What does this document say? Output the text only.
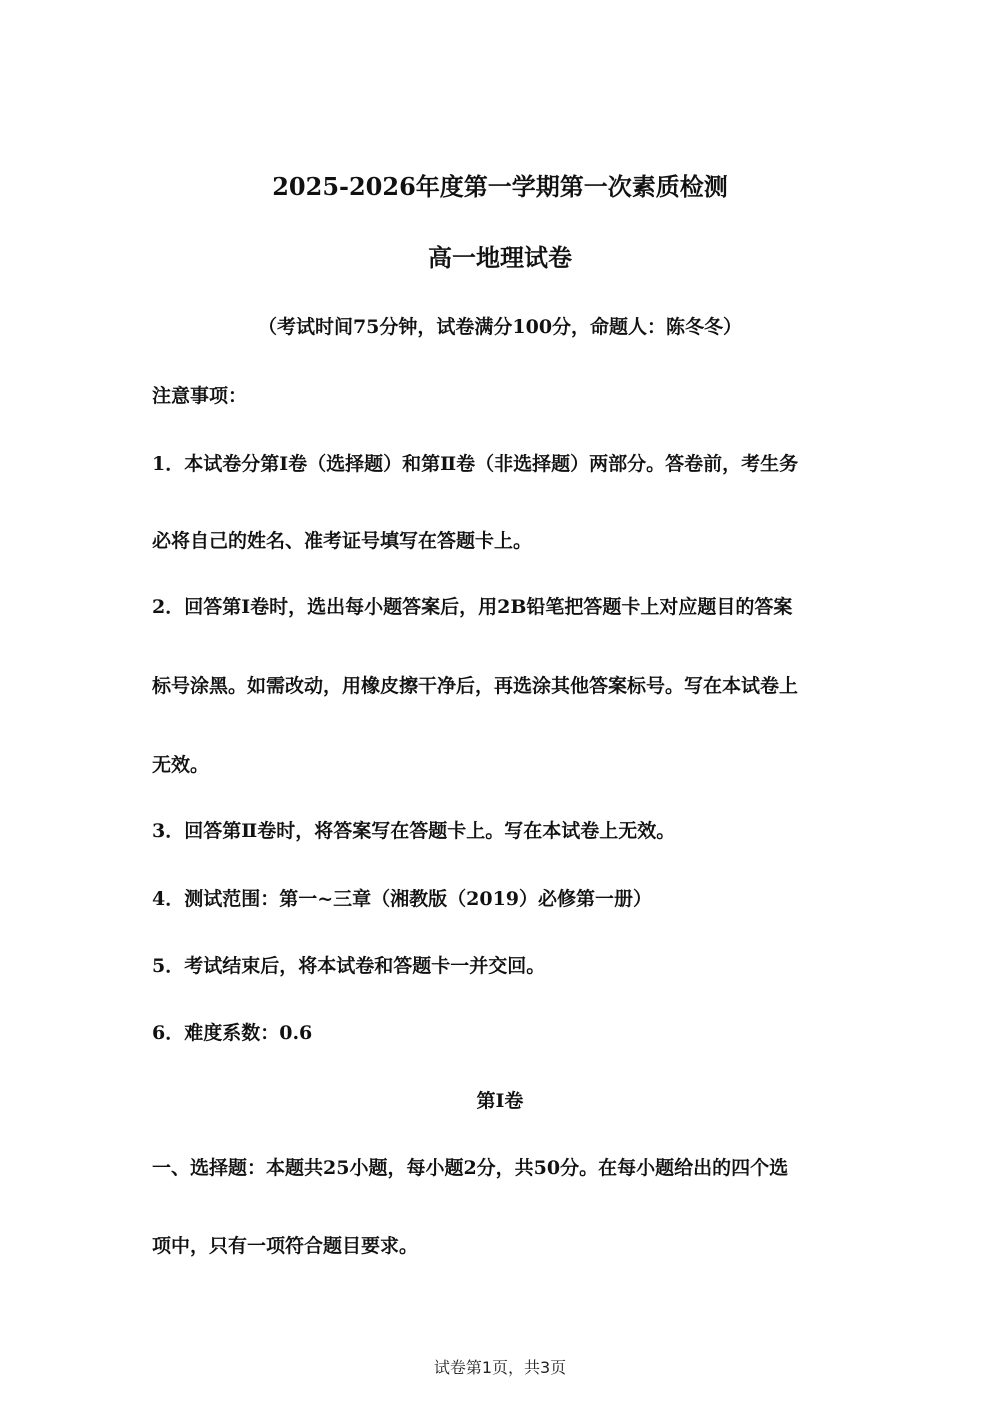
2025-2026年度第一学期第一次素质检测
高一地理试卷
（考试时间75分钟，试卷满分100分，命题人：陈冬冬）
注意事项：
1．本试卷分第Ⅰ卷（选择题）和第Ⅱ卷（非选择题）两部分。答卷前，考生务
必将自己的姓名、准考证号填写在答题卡上。
2．回答第Ⅰ卷时，选出每小题答案后，用2B铅笔把答题卡上对应题目的答案
标号涂黑。如需改动，用橡皮擦干净后，再选涂其他答案标号。写在本试卷上
无效。
3．回答第Ⅱ卷时，将答案写在答题卡上。写在本试卷上无效。
4．测试范围：第一~三章（湘教版（2019）必修第一册）
5．考试结束后，将本试卷和答题卡一并交回。
6．难度系数：0.6
第Ⅰ卷
一、选择题：本题共25小题，每小题2分，共50分。在每小题给出的四个选
项中，只有一项符合题目要求。
试卷第1页，共3页
